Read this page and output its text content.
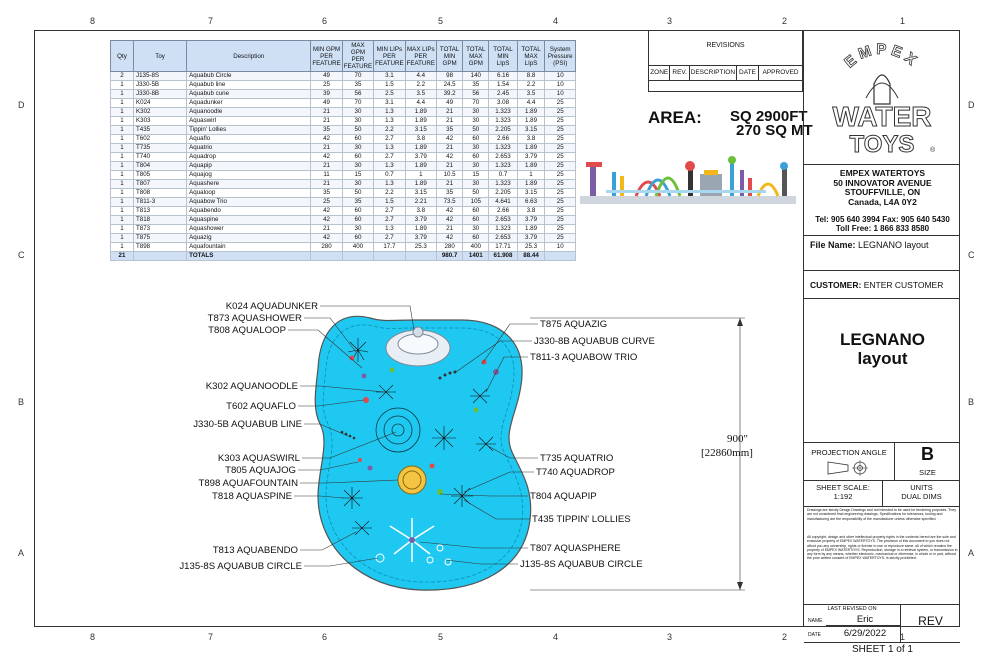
8	7	6	5	4	3	2	1
8	7	6	5	4	3	2	1
D
C
B
A
D
C
B
A
Qty	Toy	Description	MIN GPM PER FEATURE	MAX GPM PER FEATURE	MIN LIPs PER FEATURE	MAX LIPs PER FEATURE	TOTAL MIN GPM	TOTAL MAX GPM	TOTAL MIN LIpS	TOTAL MAX LIpS	System Pressure (PSI)
2	J135-8S	Aquabub Circle	49	70	3.1	4.4	98	140	6.16	8.8	10
1	J330-5B	Aquabub line	25	35	1.5	2.2	24.5	35	1.54	2.2	10
1	J330-8B	Aquabub cune	39	56	2.5	3.5	39.2	56	2.45	3.5	10
1	K024	Aquadunker	49	70	3.1	4.4	49	70	3.08	4.4	25
1	K302	Aquanoodle	21	30	1.3	1.89	21	30	1.323	1.89	25
1	K303	Aquaswirl	21	30	1.3	1.89	21	30	1.323	1.89	25
1	T435	Tippin' Lollies	35	50	2.2	3.15	35	50	2.205	3.15	25
1	T602	Aquaflo	42	60	2.7	3.8	42	60	2.66	3.8	25
1	T735	Aquatrio	21	30	1.3	1.89	21	30	1.323	1.89	25
1	T740	Aquadrop	42	60	2.7	3.79	42	60	2.653	3.79	25
1	T804	Aquapip	21	30	1.3	1.89	21	30	1.323	1.89	25
1	T805	Aquajog	11	15	0.7	1	10.5	15	0.7	1	25
1	T807	Aquashere	21	30	1.3	1.89	21	30	1.323	1.89	25
1	T808	Aqualoop	35	50	2.2	3.15	35	50	2.205	3.15	25
1	T811-3	Aquabow Trio	25	35	1.5	2.21	73.5	105	4.641	6.63	25
1	T813	Aquabendo	42	60	2.7	3.8	42	60	2.66	3.8	25
1	T818	Aquaspine	42	60	2.7	3.79	42	60	2.653	3.79	25
1	T873	Aquashower	21	30	1.3	1.89	21	30	1.323	1.89	25
1	T875	Aquazig	42	60	2.7	3.79	42	60	2.653	3.79	25
1	T898	Aquafountain	280	400	17.7	25.3	280	400	17.71	25.3	10
21		TOTALS					980.7	1401	61.908	88.44	
REVISIONS
ZONE REV. DESCRIPTION DATE	APPROVED
AREA: SQ 2900FT
270 SQ MT
EMPEX
WATER
TOYS ®
EMPEX WATERTOYS
50 INNOVATOR AVENUE
STOUFFVILLE, ON
Canada, L4A 0Y2
Tel: 905 640 3994 Fax: 905 640 5430
Toll Free: 1 866 833 8580
File Name: LEGNANO layout
CUSTOMER: ENTER CUSTOMER
LEGNANO
layout
PROJECTION ANGLE	B
SIZE
SHEET SCALE:
1:192
UNITS
DUAL DIMS
Drawings are strictly Design Drawings and not intended to be used for tendering purposes. They are not considered final engineering drawings. Specifications for tolerances, tooling and manufacturing are the responsibility of the manufacturer unless otherwise specified.
All copyright, design and other intellectual property rights in the contents hereof are the sole and exclusive property of EMPEX WATERTOYS. The provision of this document to you does not afford you any ownership, rights or license to use or reproduce same, all of which remains the property of EMPEX WATERTOYS. Reproduction, storage in a retrieval system, or transmission in any form by any means, whether electronic, mechanical or otherwise, in whole or in part, without the prior written consent of EMPEX WATERTOYS, is strictly prohibited.
LAST REVISED ON
NAME	Eric
DATE	6/29/2022
REV
SHEET 1 of 1
900"
[22860mm]
K024 AQUADUNKER
T873 AQUASHOWER
T808 AQUALOOP
K302 AQUANOODLE
T602 AQUAFLO
J330-5B AQUABUB LINE
K303 AQUASWIRL
T805 AQUAJOG
T898 AQUAFOUNTAIN
T818 AQUASPINE
T813 AQUABENDO
J135-8S AQUABUB CIRCLE
T875 AQUAZIG
J330-8B AQUABUB CURVE
T811-3 AQUABOW TRIO
T735 AQUATRIO
T740 AQUADROP
T804 AQUAPIP
T435 TIPPIN' LOLLIES
T807 AQUASPHERE
J135-8S AQUABUB CIRCLE
